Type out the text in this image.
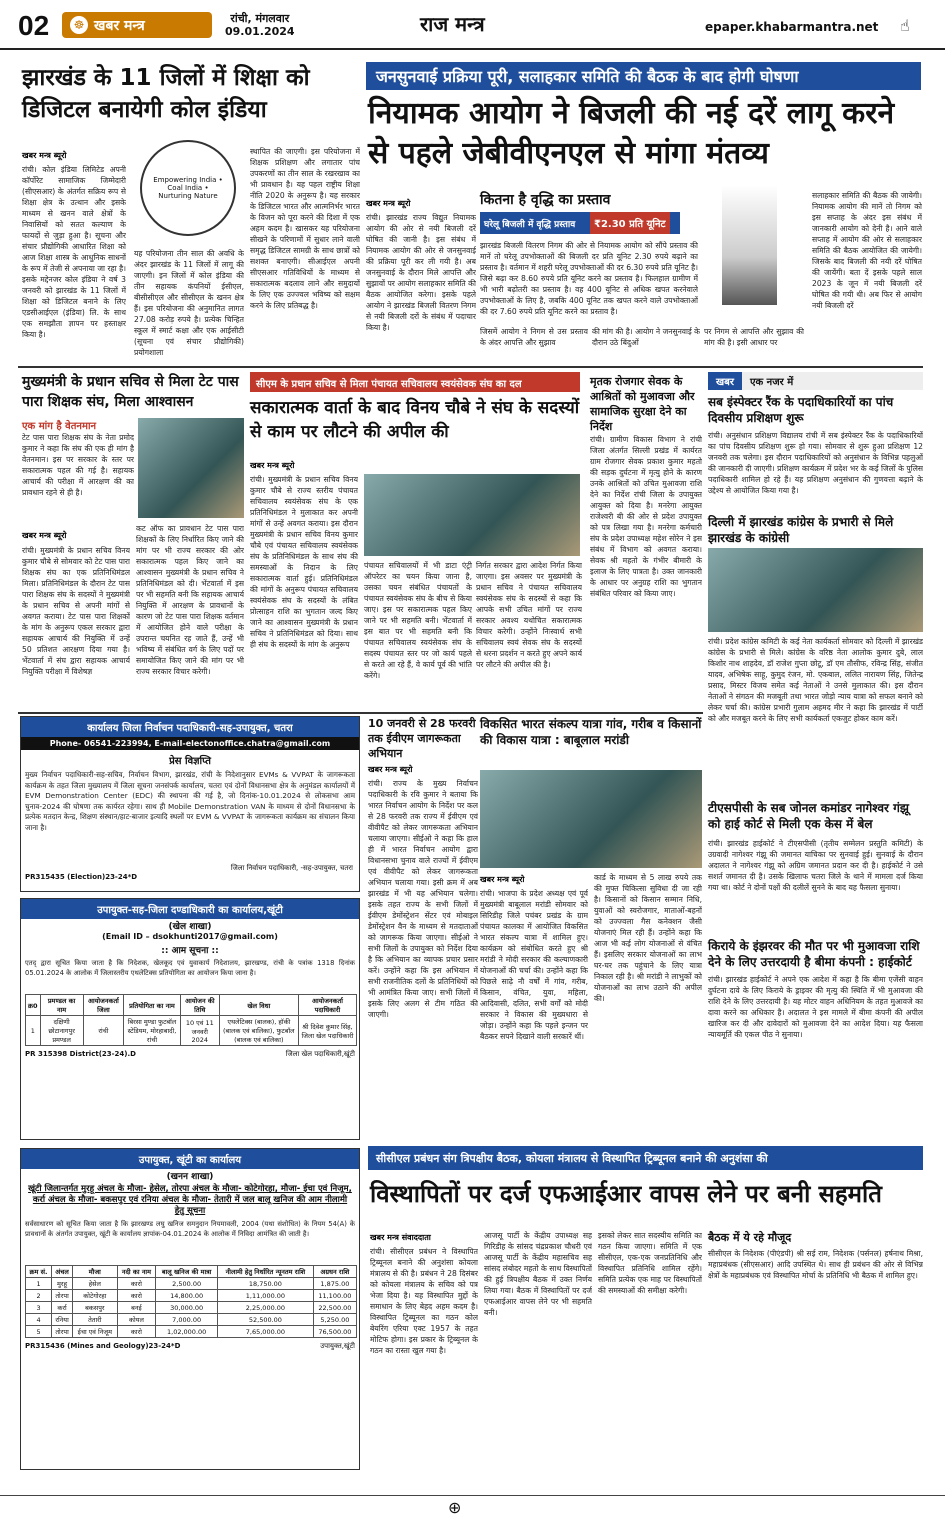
02	☸ खबर मन्त्र	रांची, मंगलवार
09.01.2024	राज मन्त्र	epaper.khabarmantra.net ☝
झारखंड के 11 जिलों में शिक्षा को डिजिटल बनायेगी कोल इंडिया
खबर मन्त्र ब्यूरो
रांची। कोल इंडिया लिमिटेड अपनी कॉर्पोरेट सामाजिक जिम्मेदारी (सीएसआर) के अंतर्गत सक्रिय रूप से शिक्षा क्षेत्र के उत्थान और इसके माध्यम से खनन वाले क्षेत्रों के निवासियों को सतत कल्याण के फायदों से जुड़ा हुआ है। सूचना और संचार प्रौद्योगिकी आधारित शिक्षा को आज शिक्षा शास्त्र के आधुनिक साधनों के रूप में तेजी से अपनाया जा रहा है। इसके मद्देनजर कोल इंडिया ने वर्ष 3 जनवरी को झारखंड के 11 जिलों में शिक्षा को डिजिटल बनाने के लिए एडसीआईएल (इंडिया) लि. के साथ एक समझौता ज्ञापन पर हस्ताक्षर किया है।
Empowering India • Coal India • Nurturing Nature
यह परियोजना तीन साल की अवधि के अंदर झारखंड के 11 जिलों में लागू की जाएगी। इन जिलों में कोल इंडिया की तीन सहायक कंपनियों ईसीएल, बीसीसीएल और सीसीएल के खनन क्षेत्र हैं। इस परियोजना की अनुमानित लागत 27.08 करोड़ रुपये है। प्रत्येक चिन्हित स्कूल में स्मार्ट कक्षा और एक आईसीटी (सूचना एवं संचार प्रौद्योगिकी) प्रयोगशाला
स्थापित की जाएगी। इस परियोजना में शिक्षक प्रशिक्षण और लगातार पांच उपकरणों का तीन साल के रखरखाव का भी प्रावधान है। यह पहल राष्ट्रीय शिक्षा नीति 2020 के अनुरूप है। यह सरकार के डिजिटल भारत और आत्मनिर्भर भारत के विजन को पूरा करने की दिशा में एक अहम कदम है। खासकर यह परियोजना सीखने के परिणामों में सुधार लाने वाली समृद्ध डिजिटल सामग्री के साथ छात्रों को सशक्त बनाएगी। सीआईएल अपनी सीएसआर गतिविधियों के माध्यम से सकारात्मक बदलाव लाने और समुदायों के लिए एक उज्ज्वल भविष्य को सक्षम करने के लिए प्रतिबद्ध है।
जनसुनवाई प्रक्रिया पूरी, सलाहकार समिति की बैठक के बाद होगी घोषणा
नियामक आयोग ने बिजली की नई दरें लागू करने से पहले जेबीवीएनएल से मांगा मंतव्य
खबर मन्त्र ब्यूरो
रांची। झारखंड राज्य विद्युत नियामक आयोग की ओर से नयी बिजली दरें घोषित की जानी है। इस संबंध में नियामक आयोग की ओर से जनसुनवाई की प्रक्रिया पूरी कर ली गयी है। अब जनसुनवाई के दौरान मिले आपत्ति और सुझावों पर आयोग सलाहकार समिति की बैठक आयोजित करेगा। इसके पहले आयोग ने झारखंड बिजली वितरण निगम से नयी बिजली दरों के संबंध में पदाचार किया है।
कितना है वृद्धि का प्रस्ताव
घरेलू बिजली में वृद्धि प्रस्ताव	₹2.30 प्रति यूनिट
झारखंड बिजली वितरण निगम की ओर से नियामक आयोग को सौंपे प्रस्ताव की मानें तो घरेलू उपभोक्ताओं की बिजली दर प्रति यूनिट 2.30 रुपये बढ़ाने का प्रस्ताव है। वर्तमान में शहरी घरेलू उपभोक्ताओं की दर 6.30 रुपये प्रति यूनिट है। जिसे बढ़ा कर 8.60 रुपये प्रति यूनिट करने का प्रस्ताव है। फिलहाल ग्रामीण में भी भारी बढ़ोतरी का प्रस्ताव है। वह 400 यूनिट से अधिक खपत करनेवाले उपभोक्ताओं के लिए है, जबकि 400 यूनिट तक खपत करने वाले उपभोक्ताओं की दर 7.60 रुपये प्रति यूनिट करने का प्रस्ताव है।
जिसमें आयोग ने निगम से उस प्रस्ताव के अंदर आपत्ति और सुझाव
की मांग की है। आयोग ने जनसुनवाई के दौरान उठे बिंदुओं
पर निगम से आपत्ति और सुझाव की मांग की है। इसी आधार पर
सलाहकार समिति की बैठक की जायेगी। नियामक आयोग की मानें तो निगम को इस सप्ताह के अंदर इस संबंध में जानकारी आयोग को देनी है। आने वाले सप्ताह में आयोग की ओर से सलाहकार समिति की बैठक आयोजित की जायेगी। जिसके बाद बिजली की नयी दरें घोषित की जायेंगी। बता दें इसके पहले साल 2023 के जून में नयी बिजली दरें घोषित की गयी थी। अब फिर से आयोग नयी बिजली दरें
मुख्यमंत्री के प्रधान सचिव से मिला टेट पास पारा शिक्षक संघ, मिला आश्वासन
एक मांग है वेतनमान
टेट पास पारा शिक्षक संघ के नेता प्रमोद कुमार ने कहा कि संघ की एक ही मांग है वेतनमान। इस पर सरकार के स्तर पर सकारात्मक पहल की गई है। सहायक आचार्य की परीक्षा में आरक्षण की का प्रावधान रहने से ही है।
खबर मन्त्र ब्यूरो
रांची। मुख्यमंत्री के प्रधान सचिव विनय कुमार चौबे से सोमवार को टेट पास पारा शिक्षक संघ का एक प्रतिनिधिमंडल मिला। प्रतिनिधिमंडल के दौरान टेट पास पारा शिक्षक संघ के सदस्यों ने मुख्यमंत्री के प्रधान सचिव से अपनी मांगों से अवगत कराया। टेट पास पारा शिक्षकों के मांग के अनुरूप एकल सरकार द्वारा सहायक आचार्य की नियुक्ति में उन्हें 50 प्रतिशत आरक्षण दिया गया है। भेंटवार्ता में संघ द्वारा सहायक आचार्य नियुक्ति परीक्षा में विशेषज्ञ
कट ऑफ का प्रावधान टेट पास पारा शिक्षकों के लिए निर्धारित किए जाने की मांग पर भी राज्य सरकार की ओर सकारात्मक पहल किए जाने का आश्वासन मुख्यमंत्री के प्रधान सचिव ने प्रतिनिधिमंडल को दी। भेंटवार्ता में इस पर भी सहमति बनी कि सहायक आचार्य नियुक्ति में आरक्षण के प्रावधानों के कारण जो टेट पास पारा शिक्षक वर्तमान में आयोजित होने वाले परीक्षा के उपरान्त चयनित रह जाते हैं, उन्हें भी भविष्य में संबंधित वर्ग के लिए पदों पर समायोजित किए जाने की मांग पर भी राज्य सरकार विचार करेगी।
सीएम के प्रधान सचिव से मिला पंचायत सचिवालय स्वयंसेवक संघ का दल
सकारात्मक वार्ता के बाद विनय चौबे ने संघ के सदस्यों से काम पर लौटने की अपील की
खबर मन्त्र ब्यूरो
रांची। मुख्यमंत्री के प्रधान सचिव विनय कुमार चौबे से राज्य स्तरीय पंचायत सचिवालय स्वयंसेवक संघ के एक प्रतिनिधिमंडल ने मुलाकात कर अपनी मांगों से उन्हें अवगत कराया। इस दौरान मुख्यमंत्री के प्रधान सचिव विनय कुमार चौबे एवं पंचायत सचिवालय स्वयंसेवक संघ के प्रतिनिधिमंडल के साथ संघ की समस्याओं के निदान के लिए सकारात्मक वार्ता हुई। प्रतिनिधिमंडल की मांगों के अनुरूप पंचायत सचिवालय स्वयंसेवक संघ के सदस्यों के लंबित प्रोत्साहन राशि का भुगतान जल्द किए जाने का आश्वासन मुख्यमंत्री के प्रधान सचिव ने प्रतिनिधिमंडल को दिया। साथ ही संघ के सदस्यों के मांग के अनुरूप
पंचायत सचिवालयों में भी डाटा एंट्री ऑपरेटर का चयन किया जाना है, उसका चयन संबंधित पंचायतों के पंचायत स्वयंसेवक संघ के बीच से किया जाए। इस पर सकारात्मक पहल किए जाने पर भी सहमति बनी। भेंटवार्ता में इस बात पर भी सहमति बनी कि पंचायत सचिवालय स्वयंसेवक संघ के सदस्य पंचायत स्तर पर जो कार्य पहले से करते आ रहे हैं, वे कार्य पूर्व की भांति करेंगे।
निर्गत सरकार द्वारा आदेश निर्गत किया जाएगा। इस अवसर पर मुख्यमंत्री के प्रधान सचिव ने पंचायत सचिवालय स्वयंसेवक संघ के सदस्यों से कहा कि आपके सभी उचित मांगों पर राज्य सरकार अवश्य यथोचित सकारात्मक विचार करेगी। उन्होंने निःस्वार्थ सभी सचिवालय स्वयं सेवक संघ के सदस्यों से धरना प्रदर्शन न करते हुए अपने कार्य पर लौटने की अपील की है।
मृतक रोजगार सेवक के आश्रितों को मुआवजा और सामाजिक सुरक्षा देने का निर्देश
रांची। ग्रामीण विकास विभाग ने रांची जिला अंतर्गत सिल्ली प्रखंड में कार्यरत ग्राम रोजगार सेवक प्रकाश कुमार महतो की सड़क दुर्घटना में मृत्यु होने के कारण उनके आश्रितों को उचित मुआवजा राशि देने का निर्देश रांची जिला के उपायुक्त आयुक्त को दिया है। मनरेगा आयुक्त राजेश्वरी बी की ओर से प्रदेश उपायुक्त को पत्र लिखा गया है। मनरेगा कर्मचारी संघ के प्रदेश उपाध्यक्ष महेश सोरेन ने इस संबंध में विभाग को अवगत कराया। सेवक श्री महतो के गंभीर बीमारी के इलाज के लिए पात्रता है। उक्त जानकारी के आधार पर अनुग्रह राशि का भुगतान संबंधित परिवार को किया जाए।
खबर	एक नजर में
सब इंस्पेक्टर रैंक के पदाधिकारियों का पांच दिवसीय प्रशिक्षण शुरू
रांची। अनुसंधान प्रशिक्षण विद्यालय रांची में सब इंस्पेक्टर रैंक के पदाधिकारियों का पांच दिवसीय प्रशिक्षण शुरू हो गया। सोमवार से शुरू हुआ प्रशिक्षण 12 जनवरी तक चलेगा। इस दौरान पदाधिकारियों को अनुसंधान के विभिन्न पहलुओं की जानकारी दी जाएगी। प्रशिक्षण कार्यक्रम में प्रदेश भर के कई जिलों के पुलिस पदाधिकारी शामिल हो रहे हैं। यह प्रशिक्षण अनुसंधान की गुणवत्ता बढ़ाने के उद्देश्य से आयोजित किया गया है।
दिल्ली में झारखंड कांग्रेस के प्रभारी से मिले झारखंड के कांग्रेसी
रांची। प्रदेश कांग्रेस कमिटी के कई नेता कार्यकर्ता सोमवार को दिल्ली में झारखंड कांग्रेस के प्रभारी से मिले। कांग्रेस के वरिष्ठ नेता आलोक कुमार दुबे, लाल किशोर नाथ शाहदेव, डॉ राजेश गुप्ता छोटू, डॉ एम तौसीफ, रविन्द्र सिंह, संजीत यादव, अभिषेक साहू, कुमुद रंजन, मो. एकबाल, ललित नारायण सिंह, जितेन्द्र प्रसाद, मिस्टर विजय समेत कई नेताओं ने उनसे मुलाकात की। इस दौरान नेताओं ने संगठन की मजबूती तथा भारत जोड़ो न्याय यात्रा को सफल बनाने को लेकर चर्चा की। कांग्रेस प्रभारी गुलाम अहमद मीर ने कहा कि झारखंड में पार्टी को और मजबूत करने के लिए सभी कार्यकर्ता एकजुट होकर काम करें।
कार्यालय जिला निर्वाचन पदाधिकारी-सह-उपायुक्त, चतरा
Phone- 06541-223994, E-mail-electonoffice.chatra@gmail.com
प्रेस विज्ञप्ति
मुख्य निर्वाचन पदाधिकारी-सह-सचिव, निर्वाचन विभाग, झारखंड, रांची के निदेशानुसार EVMs & VVPAT के जागरूकता कार्यक्रम के तहत जिला मुख्यालय में जिला सूचना जनसंपर्क कार्यालय, चतरा एवं दोनों विधानसभा क्षेत्र के अनुमंडल कार्यालयों में EVM Demonstration Center (EDC) की स्थापना की गई है, जो दिनांक-10.01.2024 से लोकसभा आम चुनाव-2024 की घोषणा तक कार्यरत रहेगा। साथ ही Mobile Demonstration VAN के माध्यम से दोनों विधानसभा के प्रत्येक मतदान केन्द्र, शिक्षण संस्थान/हाट-बाजार इत्यादि स्थलों पर EVM & VVPAT के जागरूकता कार्यक्रम का संचालन किया जाना है।
जिला निर्वाचन पदाधिकारी, -सह-उपायुक्त, चतरा
PR315435 (Election)23-24*D
उपायुक्त-सह-जिला दण्डाधिकारी का कार्यालय,खूंटी
(खेल शाखा)
(Email ID – dsokhunti2017@gmail.com)
:: आम सूचना ::
एतद् द्वारा सूचित किया जाता है कि निदेशक, खेलकूद एवं युवाकार्य निदेशालय, झारखण्ड, रांची के पत्रांक 1318 दिनांक 05.01.2024 के आलोक में जिलास्तरीय एथलेटिक्स प्रतियोगिता का आयोजन किया जाना है।
क्र0	प्रमण्डल का नाम	आयोजनकर्ता जिला	प्रतियोगिता का नाम	आयोजन की तिथि	खेल विधा	आयोजनकर्ता पदाधिकारी
1	दक्षिणी छोटानागपुर प्रमण्डल	रांची	बिरसा मुण्डा फुटबॉल स्टेडियम, मोरहाबादी, रांची	10 एवं 11 जनवरी 2024	एथलेटिक्स (बालक), हॉकी (बालक एवं बालिका), फुटबॉल (बालक एवं बालिका)	श्री दिवेश कुमार सिंह, जिला खेल पदाधिकारी
PR 315398 District(23-24).D	जिला खेल पदाधिकारी,खूंटी
उपायुक्त, खूंटी का कार्यालय
(खनन शाखा)
खूंटी जिलान्तर्गत मुरहू अंचल के मौजा- हेसेल, तोरपा अंचल के मौजा- कोटेगोरहा, मौजा- ईचा एवं निजूम, कर्रा अंचल के मौजा- बकसपुर एवं रनिया अंचल के मौजा- तेतारी में जल बालू खनिज की आम नीलामी हेतु सूचना
सर्वसाधारण को सूचित किया जाता है कि झारखण्ड लघु खनिज समनुदान नियमावली, 2004 (यथा संशोधित) के नियम 54(A) के प्रावधानों के अंतर्गत उपायुक्त, खूंटी के कार्यालय ज्ञापांक-04.01.2024 के आलोक में निविदा आमंत्रित की जाती है।
क्रम सं.	अंचल	मौजा	नदी का नाम	बालू खनिज की मात्रा	नीलामी हेतु निर्धारित न्यूनतम राशि	अग्रधन राशि
1	मुरहू	हेसेल	कारो	2,500.00	18,750.00	1,875.00
2	तोरपा	कोटेगोरहा	कारो	14,800.00	1,11,000.00	11,100.00
3	कर्रा	बकसपुर	बनई	30,000.00	2,25,000.00	22,500.00
4	रनिया	तेतारी	कोयल	7,000.00	52,500.00	5,250.00
5	तोरपा	ईचा एवं निजूम	कारो	1,02,000.00	7,65,000.00	76,500.00
PR315436 (Mines and Geology)23-24*D	उपायुक्त,खूंटी
10 जनवरी से 28 फरवरी तक ईवीएम जागरूकता अभियान
खबर मन्त्र ब्यूरो
रांची। राज्य के मुख्य निर्वाचन पदाधिकारी के रवि कुमार ने बताया कि भारत निर्वाचन आयोग के निर्देश पर कल से 28 फरवरी तक राज्य में ईवीएम एवं वीवीपैट को लेकर जागरूकता अभियान चलाया जाएगा। सीईओ ने कहा कि हाल ही में भारत निर्वाचन आयोग द्वारा विधानसभा चुनाव वाले राज्यों में ईवीएम एवं वीवीपैट को लेकर जागरूकता अभियान चलाया गया। इसी क्रम में अब झारखंड में भी यह अभियान चलेगा। इसके तहत राज्य के सभी जिलों में ईवीएम डेमोंस्ट्रेशन सेंटर एवं मोबाइल डेमोंस्ट्रेशन वैन के माध्यम से मतदाताओं को जागरूक किया जाएगा। सीईओ ने सभी जिलों के उपायुक्त को निर्देश दिया है कि अभियान का व्यापक प्रचार प्रसार करें। उन्होंने कहा कि इस अभियान में सभी राजनीतिक दलों के प्रतिनिधियों को भी आमंत्रित किया जाए। सभी जिलों में इसके लिए अलग से टीम गठित की जाएगी।
विकसित भारत संकल्प यात्रा गांव, गरीब व किसानों की विकास यात्रा : बाबूलाल मरांडी
खबर मन्त्र ब्यूरो
रांची। भाजपा के प्रदेश अध्यक्ष एवं पूर्व मुख्यमंत्री बाबूलाल मरांडी सोमवार को सिरिडीह जिले पचंबर प्रखंड के ग्राम पंचायत कालका में आयोजित विकसित भारत संकल्प यात्रा में शामिल हुए। कार्यक्रम को संबोधित करते हुए श्री मरांडी ने मोदी सरकार की कल्याणकारी योजनाओं की चर्चा की। उन्होंने कहा कि पिछले साढ़े नौ वर्षों में गांव, गरीब, किसान, वंचित, युवा, महिला, आदिवासी, दलित, सभी वर्गों को मोदी सरकार ने विकास की मुख्यधारा से जोड़ा। उन्होंने कहा कि पहले इन्जन पर बैठकर सपने दिखाने वाली सरकारें थीं।
कार्ड के माध्यम से 5 लाख रुपये तक की मुफ्त चिकित्सा सुविधा दी जा रही है। किसानों को किसान सम्मान निधि, युवाओं को स्वरोजगार, माताओं-बहनों को उज्ज्वला गैस कनेक्शन जैसी योजनाएं मिल रही हैं। उन्होंने कहा कि आज भी कई लोग योजनाओं से वंचित हैं। इसलिए सरकार योजनाओं का लाभ घर-घर तक पहुंचाने के लिए यात्रा निकाल रही है। श्री मरांडी ने लाभुकों को योजनाओं का लाभ उठाने की अपील की।
टीएसपीसी के सब जोनल कमांडर नागेश्वर गंझू को हाई कोर्ट से मिली एक केस में बेल
रांची। झारखंड हाईकोर्ट ने टीएसपीसी (तृतीय सम्मेलन प्रस्तुति कमिटी) के उग्रवादी नागेश्वर गंझू की जमानत याचिका पर सुनवाई हुई। सुनवाई के दौरान अदालत ने नागेश्वर गंझू को अग्रिम जमानत प्रदान कर दी है। हाईकोर्ट ने उसे सशर्त जमानत दी है। उसके खिलाफ चतरा जिले के थाने में मामला दर्ज किया गया था। कोर्ट ने दोनों पक्षों की दलीलें सुनने के बाद यह फैसला सुनाया।
किराये के इंझरवर की मौत पर भी मुआवजा राशि देने के लिए उत्तरदायी है बीमा कंपनी : हाईकोर्ट
रांची। झारखंड हाईकोर्ट ने अपने एक आदेश में कहा है कि बीमा एजेंसी वाहन दुर्घटना दावे के लिए किराये के ड्राइवर की मृत्यु की स्थिति में भी मुआवजा की राशि देने के लिए उत्तरदायी है। यह मोटर वाहन अधिनियम के तहत मुआवजे का दावा करने का अधिकार है। अदालत ने इस मामले में बीमा कंपनी की अपील खारिज कर दी और दावेदारों को मुआवजा देने का आदेश दिया। यह फैसला न्यायमूर्ति की एकल पीठ ने सुनाया।
सीसीएल प्रबंधन संग त्रिपक्षीय बैठक, कोयला मंत्रालय से विस्थापित ट्रिब्यूनल बनाने की अनुशंसा की
विस्थापितों पर दर्ज एफआईआर वापस लेने पर बनी सहमति
खबर मन्त्र संवाददाता
रांची। सीसीएल प्रबंधन ने विस्थापित ट्रिब्यूनल बनाने की अनुशंसा कोयला मंत्रालय से की है। प्रबंधन ने 28 दिसंबर को कोयला मंत्रालय के सचिव को पत्र भेजा दिया है। यह विस्थापित मुद्दों के समाधान के लिए बेहद अहम कदम है। विस्थापित ट्रिब्यूनल का गठन कोल बेयरिंग एरिया एक्ट 1957 के तहत मोटिफ होगा। इस प्रकार के ट्रिब्यूनल के गठन का रास्ता खुल गया है।
आजसू पार्टी के केंद्रीय उपाध्यक्ष सह गिरिडीह के सांसद चंद्रप्रकाश चौधरी एवं आजसू पार्टी के केंद्रीय महासचिव सह सांसद लंबोदर महतो के साथ विस्थापितों की हुई त्रिपक्षीय बैठक में उक्त निर्णय लिया गया। बैठक में विस्थापितों पर दर्ज एफआईआर वापस लेने पर भी सहमति बनी।
इसको लेकर सात सदस्यीय समिति का गठन किया जाएगा। समिति में एक सीसीएल, एक-एक जनप्रतिनिधि और विस्थापित प्रतिनिधि शामिल रहेंगे। समिति प्रत्येक एक माह पर विस्थापितों की समस्याओं की समीक्षा करेगी।
बैठक में ये रहे मौजूद
सीसीएल के निदेशक (पीएंडपी) श्री सई राम, निदेशक (पर्सनल) हर्षनाथ मिश्रा, महाप्रबंधक (सीएसआर) आदि उपस्थित थे। साथ ही प्रबंधन की ओर से विभिन्न क्षेत्रों के महाप्रबंधक एवं विस्थापित मोर्चा के प्रतिनिधि भी बैठक में शामिल हुए।
⊕
